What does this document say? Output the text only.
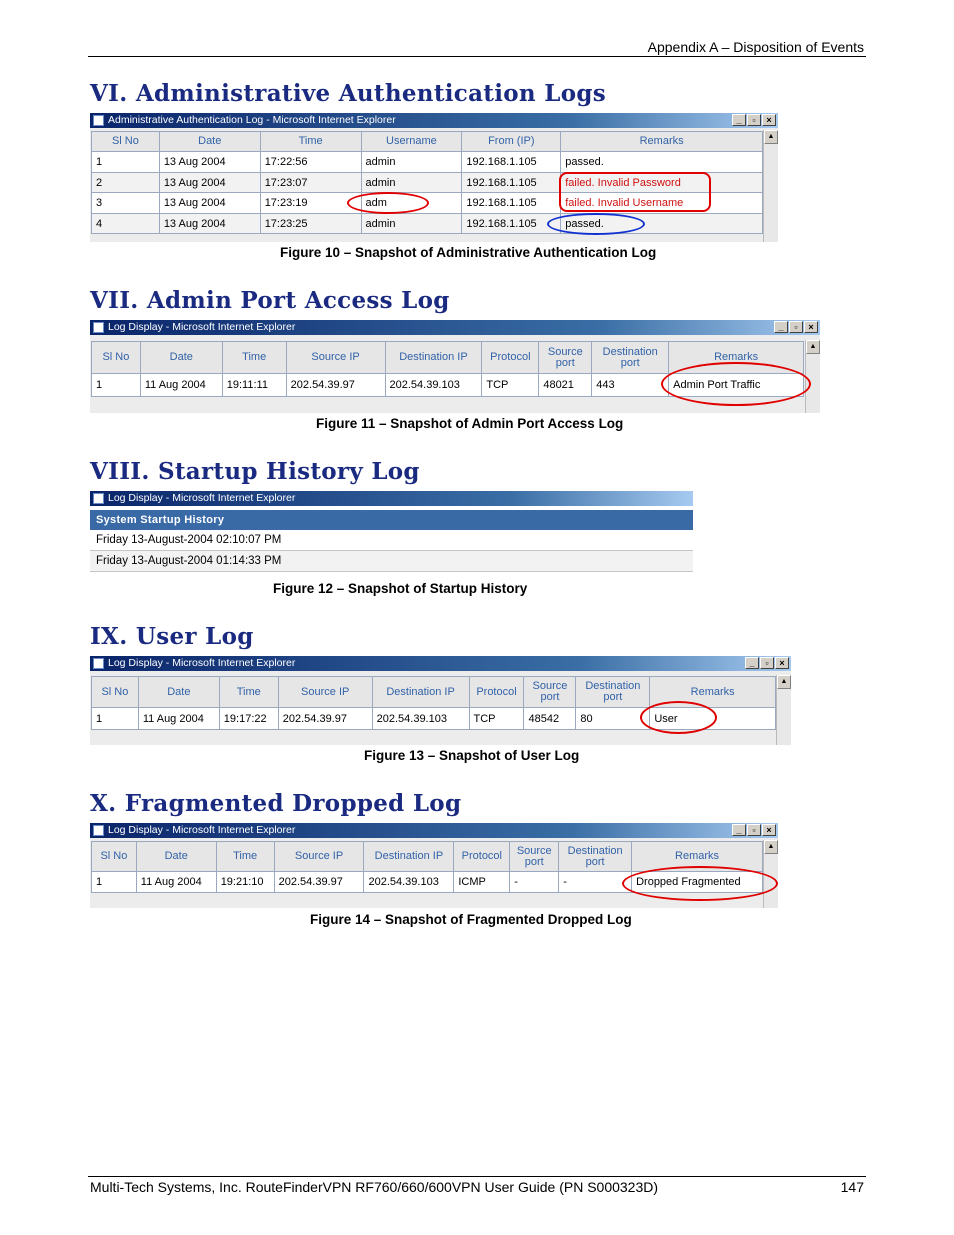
Appendix A – Disposition of Events
VI. Administrative Authentication Logs
Administrative Authentication Log - Microsoft Internet Explorer	_	▫	×
Sl No	Date	Time	Username	From (IP)	Remarks
1	13 Aug 2004	17:22:56	admin	192.168.1.105	passed.
2	13 Aug 2004	17:23:07	admin	192.168.1.105	failed. Invalid Password
3	13 Aug 2004	17:23:19	adm	192.168.1.105	failed. Invalid Username
4	13 Aug 2004	17:23:25	admin	192.168.1.105	passed.
▲
Figure 10 – Snapshot of Administrative Authentication Log
VII. Admin Port Access Log
Log Display - Microsoft Internet Explorer	_	▫	×
Sl No	Date	Time	Source IP	Destination IP	Protocol	Source port	Destination port	Remarks
1	11 Aug 2004	19:11:11	202.54.39.97	202.54.39.103	TCP	48021	443	Admin Port Traffic
▲
Figure 11 – Snapshot of Admin Port Access Log
VIII. Startup History Log
Log Display - Microsoft Internet Explorer
System Startup History
Friday 13-August-2004 02:10:07 PM
Friday 13-August-2004 01:14:33 PM
Figure 12 – Snapshot of Startup History
IX. User Log
Log Display - Microsoft Internet Explorer	_	▫	×
Sl No	Date	Time	Source IP	Destination IP	Protocol	Source port	Destination port	Remarks
1	11 Aug 2004	19:17:22	202.54.39.97	202.54.39.103	TCP	48542	80	User
▲
Figure 13 – Snapshot of User Log
X. Fragmented Dropped Log
Log Display - Microsoft Internet Explorer	_	▫	×
Sl No	Date	Time	Source IP	Destination IP	Protocol	Source port	Destination port	Remarks
1	11 Aug 2004	19:21:10	202.54.39.97	202.54.39.103	ICMP	-	-	Dropped Fragmented
▲
Figure 14 – Snapshot of Fragmented Dropped Log
Multi-Tech Systems, Inc. RouteFinderVPN RF760/660/600VPN User Guide (PN S000323D)	147
